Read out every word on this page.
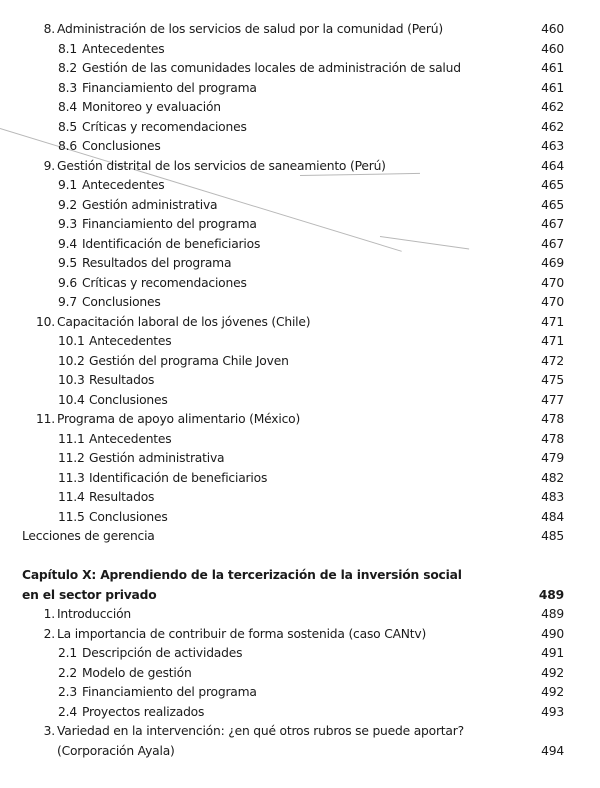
8. Administración de los servicios de salud por la comunidad (Perú)	460
8.1 Antecedentes	460
8.2 Gestión de las comunidades locales de administración de salud	461
8.3 Financiamiento del programa	461
8.4 Monitoreo y evaluación	462
8.5 Críticas y recomendaciones	462
8.6 Conclusiones	463
9. Gestión distrital de los servicios de saneamiento (Perú)	464
9.1 Antecedentes	465
9.2 Gestión administrativa	465
9.3 Financiamiento del programa	467
9.4 Identificación de beneficiarios	467
9.5 Resultados del programa	469
9.6 Críticas y recomendaciones	470
9.7 Conclusiones	470
10. Capacitación laboral de los jóvenes (Chile)	471
10.1 Antecedentes	471
10.2 Gestión del programa Chile Joven	472
10.3 Resultados	475
10.4 Conclusiones	477
11. Programa de apoyo alimentario (México)	478
11.1 Antecedentes	478
11.2 Gestión administrativa	479
11.3 Identificación de beneficiarios	482
11.4 Resultados	483
11.5 Conclusiones	484
Lecciones de gerencia	485
Capítulo X: Aprendiendo de la tercerización de la inversión social
en el sector privado	489
1. Introducción	489
2. La importancia de contribuir de forma sostenida (caso CANtv)	490
2.1 Descripción de actividades	491
2.2 Modelo de gestión	492
2.3 Financiamiento del programa	492
2.4 Proyectos realizados	493
3. Variedad en la intervención: ¿en qué otros rubros se puede aportar?
(Corporación Ayala)	494
